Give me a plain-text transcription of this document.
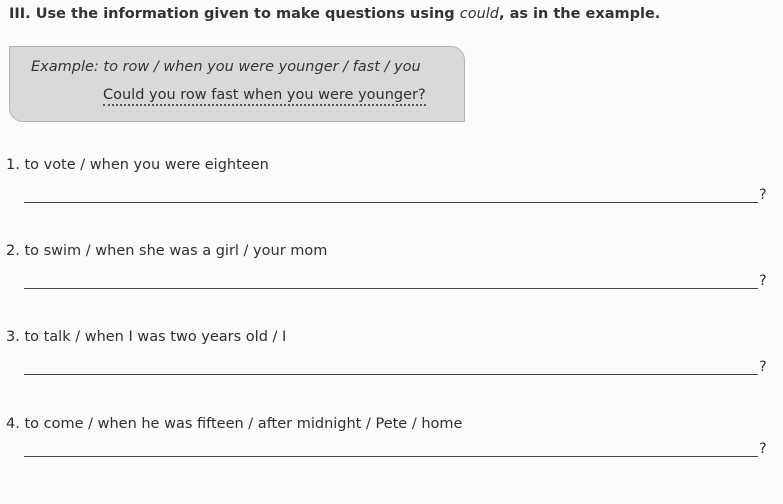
III. Use the information given to make questions using could, as in the example.
Example: to row / when you were younger / fast / you
Could you row fast when you were younger?
1. to vote / when you were eighteen
?
2. to swim / when she was a girl / your mom
?
3. to talk / when I was two years old / I
?
4. to come / when he was fifteen / after midnight / Pete / home
?
